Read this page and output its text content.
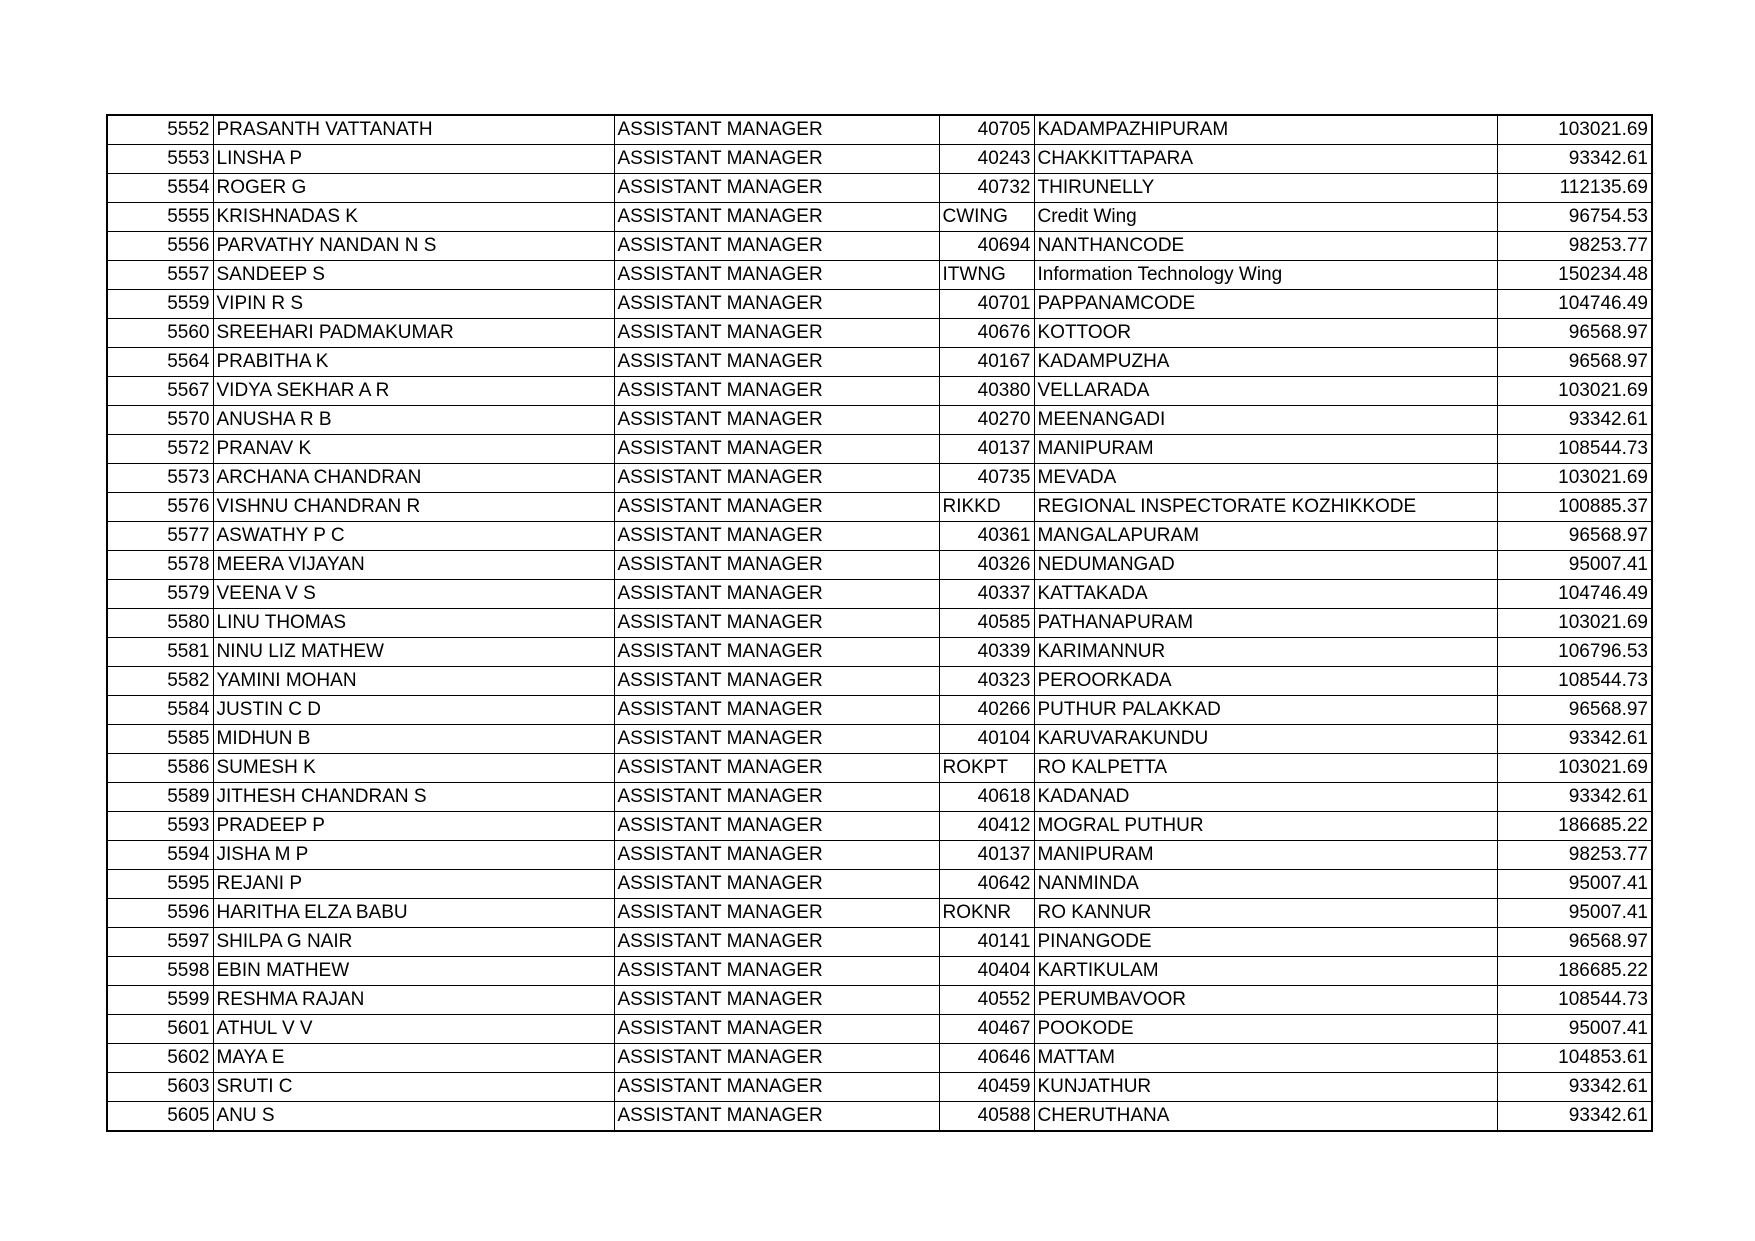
5552	PRASANTH VATTANATH	ASSISTANT MANAGER	40705	KADAMPAZHIPURAM	103021.69
5553	LINSHA P	ASSISTANT MANAGER	40243	CHAKKITTAPARA	93342.61
5554	ROGER G	ASSISTANT MANAGER	40732	THIRUNELLY	112135.69
5555	KRISHNADAS K	ASSISTANT MANAGER	CWING	Credit Wing	96754.53
5556	PARVATHY NANDAN N S	ASSISTANT MANAGER	40694	NANTHANCODE	98253.77
5557	SANDEEP S	ASSISTANT MANAGER	ITWNG	Information Technology Wing	150234.48
5559	VIPIN R S	ASSISTANT MANAGER	40701	PAPPANAMCODE	104746.49
5560	SREEHARI PADMAKUMAR	ASSISTANT MANAGER	40676	KOTTOOR	96568.97
5564	PRABITHA K	ASSISTANT MANAGER	40167	KADAMPUZHA	96568.97
5567	VIDYA SEKHAR A R	ASSISTANT MANAGER	40380	VELLARADA	103021.69
5570	ANUSHA R B	ASSISTANT MANAGER	40270	MEENANGADI	93342.61
5572	PRANAV K	ASSISTANT MANAGER	40137	MANIPURAM	108544.73
5573	ARCHANA CHANDRAN	ASSISTANT MANAGER	40735	MEVADA	103021.69
5576	VISHNU CHANDRAN R	ASSISTANT MANAGER	RIKKD	REGIONAL INSPECTORATE KOZHIKKODE	100885.37
5577	ASWATHY P C	ASSISTANT MANAGER	40361	MANGALAPURAM	96568.97
5578	MEERA VIJAYAN	ASSISTANT MANAGER	40326	NEDUMANGAD	95007.41
5579	VEENA V S	ASSISTANT MANAGER	40337	KATTAKADA	104746.49
5580	LINU THOMAS	ASSISTANT MANAGER	40585	PATHANAPURAM	103021.69
5581	NINU LIZ MATHEW	ASSISTANT MANAGER	40339	KARIMANNUR	106796.53
5582	YAMINI MOHAN	ASSISTANT MANAGER	40323	PEROORKADA	108544.73
5584	JUSTIN C D	ASSISTANT MANAGER	40266	PUTHUR PALAKKAD	96568.97
5585	MIDHUN B	ASSISTANT MANAGER	40104	KARUVARAKUNDU	93342.61
5586	SUMESH K	ASSISTANT MANAGER	ROKPT	RO KALPETTA	103021.69
5589	JITHESH CHANDRAN S	ASSISTANT MANAGER	40618	KADANAD	93342.61
5593	PRADEEP P	ASSISTANT MANAGER	40412	MOGRAL PUTHUR	186685.22
5594	JISHA M P	ASSISTANT MANAGER	40137	MANIPURAM	98253.77
5595	REJANI P	ASSISTANT MANAGER	40642	NANMINDA	95007.41
5596	HARITHA ELZA BABU	ASSISTANT MANAGER	ROKNR	RO KANNUR	95007.41
5597	SHILPA G NAIR	ASSISTANT MANAGER	40141	PINANGODE	96568.97
5598	EBIN MATHEW	ASSISTANT MANAGER	40404	KARTIKULAM	186685.22
5599	RESHMA RAJAN	ASSISTANT MANAGER	40552	PERUMBAVOOR	108544.73
5601	ATHUL V V	ASSISTANT MANAGER	40467	POOKODE	95007.41
5602	MAYA E	ASSISTANT MANAGER	40646	MATTAM	104853.61
5603	SRUTI C	ASSISTANT MANAGER	40459	KUNJATHUR	93342.61
5605	ANU S	ASSISTANT MANAGER	40588	CHERUTHANA	93342.61
